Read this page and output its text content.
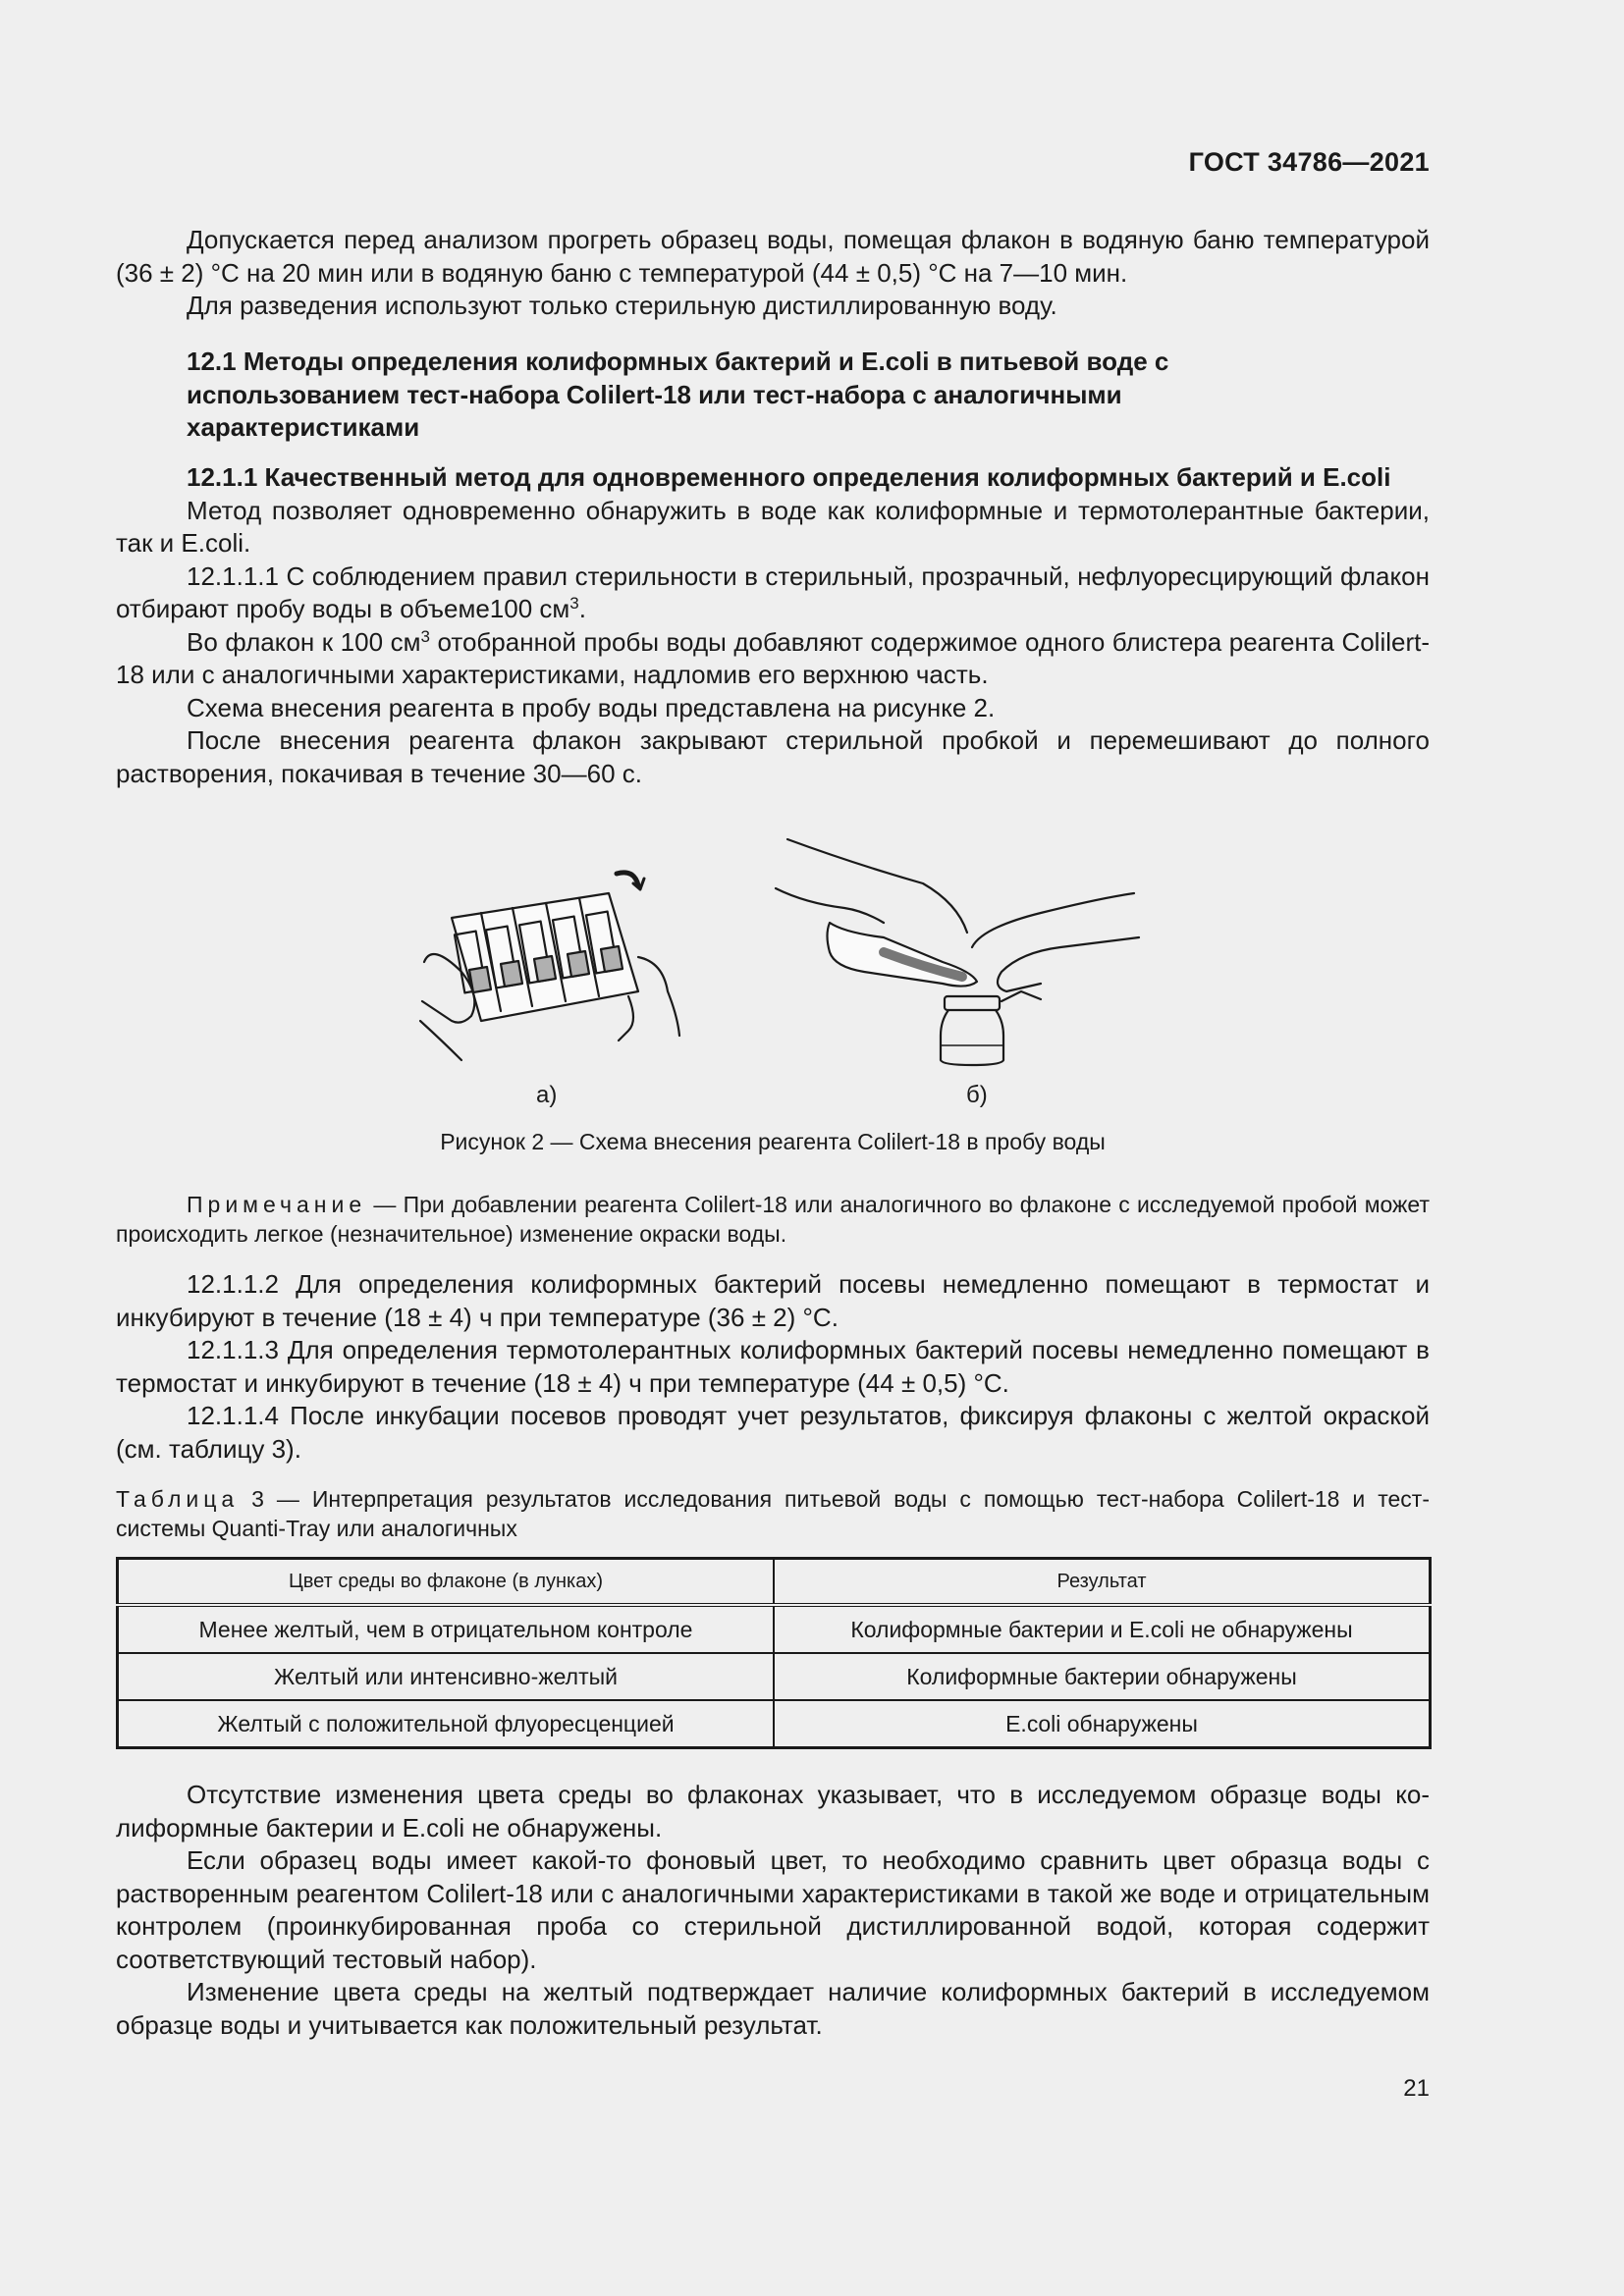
ГОСТ 34786—2021

Допускается перед анализом прогреть образец воды, помещая флакон в водяную баню температурой (36 ± 2) °С на 20 мин или в водяную баню с температурой (44 ± 0,5) °С на 7—10 мин.

Для разведения используют только стерильную дистиллированную воду.

12.1 Методы определения колиформных бактерий и E.coli в питьевой воде с использованием тест-набора Colilert-18 или тест-набора с аналогичными характеристиками

12.1.1 Качественный метод для одновременного определения колиформных бактерий и E.coli

Метод позволяет одновременно обнаружить в воде как колиформные и термотолерантные бактерии, так и E.coli.

12.1.1.1 С соблюдением правил стерильности в стерильный, прозрачный, нефлуоресцирующий флакон отбирают пробу воды в объеме100 $см^3$.

Во флакон к 100 $см^3$ отобранной пробы воды добавляют содержимое одного блистера реагента Colilert-18 или с аналогичными характеристиками, надломив его верхнюю часть.

Схема внесения реагента в пробу воды представлена на рисунке 2.

После внесения реагента флакон закрывают стерильной пробкой и перемешивают до полного растворения, покачивая в течение 30—60 с.

а)	б)
Рисунок 2 — Схема внесения реагента Colilert-18 в пробу воды

Примечание — При добавлении реагента Colilert-18 или аналогичного во флаконе с исследуемой пробой может происходить легкое (незначительное) изменение окраски воды.

12.1.1.2 Для определения колиформных бактерий посевы немедленно помещают в термостат и инкубируют в течение (18 ± 4) ч при температуре (36 ± 2) °С.

12.1.1.3 Для определения термотолерантных колиформных бактерий посевы немедленно помещают в термостат и инкубируют в течение (18 ± 4) ч при температуре (44 ± 0,5) °С.

12.1.1.4 После инкубации посевов проводят учет результатов, фиксируя флаконы с желтой окраской (см. таблицу 3).

Таблица 3 — Интерпретация результатов исследования питьевой воды с помощью тест-набора Colilert-18 и тест-системы Quanti-Tray или аналогичных
Цвет среды во флаконе (в лунках)	Результат
Менее желтый, чем в отрицательном контроле	Колиформные бактерии и E.coli не обнаружены
Желтый или интенсивно-желтый	Колиформные бактерии обнаружены
Желтый с положительной флуоресценцией	E.coli обнаружены

Отсутствие изменения цвета среды во флаконах указывает, что в исследуемом образце воды колиформные бактерии и E.coli не обнаружены.

Если образец воды имеет какой-то фоновый цвет, то необходимо сравнить цвет образца воды с растворенным реагентом Colilert-18 или с аналогичными характеристиками в такой же воде и отрицательным контролем (проинкубированная проба со стерильной дистиллированной водой, которая содержит соответствующий тестовый набор).

Изменение цвета среды на желтый подтверждает наличие колиформных бактерий в исследуемом образце воды и учитывается как положительный результат.

21
